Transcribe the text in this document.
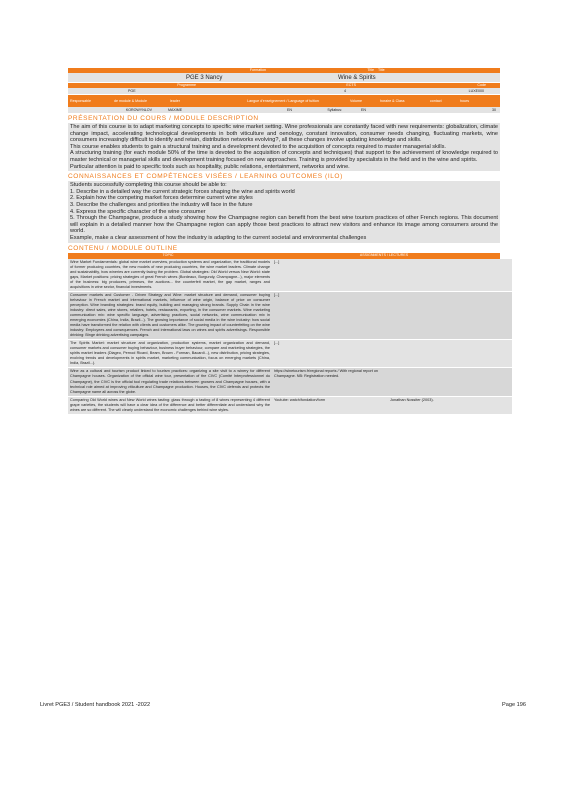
Formation	Title	Title
PGE 3 Nancy	Wine & Spirits
Programme	ECTS	Code
PGE	4	LUXE000
Responsable	de module & Module	leader	Langue d'enseignement / Language of tuition	Volume	horaire & Class	contact	hours
KOROWYNLOV	MAXIME	EN	Syllabus:	EN	30
PRÉSENTATION DU COURS / MODULE DESCRIPTION

The aim of this course is to adapt marketing concepts to specific wine market setting. Wine professionals are constantly faced with new requirements: globalization, climate change impact, accelerating technological developments in both viticulture and oenology, constant innovation, consumer needs changing, fluctuating markets, wine consumers increasingly difficult to identify and retain, distribution networks evolving?, all these changes involve updating knowledge and skills.

This course enables students to gain a structural training and a development devoted to the acquisition of concepts required to master managerial skills.

A structuring training (for each module 50% of the time is devoted to the acquisition of concepts and techniques) that support to the achievement of knowledge required to master technical or managerial skills and development training focused on new approaches. Training is provided by specialists in the field and in the wine and spirits.

Particular attention is paid to specific tools such as hospitality, public relations, entertainment, networks and wine.

CONNAISSANCES ET COMPÉTENCES VISÉES / LEARNING OUTCOMES (ILO)

Students successfully completing this course should be able to:

1. Describe in a detailed way the current strategic forces shaping the wine and spirits world

2. Explain how the competing market forces determine current wine styles

3. Describe the challenges and priorities the industry will face in the future

4. Express the specific character of the wine consumer

5. Through the Champagne, produce a study showing how the Champagne region can benefit from the best wine tourism practices of other French regions. This document will explain in a detailed manner how the Champagne region can apply those best practices to attract new visitors and enhance its image among consumers around the world.

Example, make a clear assessment of how the industry is adapting to the current societal and environmental challenges

CONTENU / MODULE OUTLINE
TOPIC	ASSIGNMENTS / LECTURES
Wine Market Fundamentals: global wine market overview, production systems and organization, the traditional models of former producing countries, the new models of new producing countries, the wine market leaders. Climate change and sustainability, how wineries are currently facing the problem. Global strategies: Old World versus New World: state gaps, Market positions: pricing strategies of great French wines (Bordeaux, Burgundy, Champagne...), major elements of the business: big producers, primeurs, the auctions... the counterfeit market, the gap market, ranges and acquisitions in wine sector, financial investments.	[...]	
Consumer markets and Customer - Driven Strategy and Wine: market structure and demand, consumer buying behaviour in French market and international markets, influence of wine origin, balance of price on consumer perception. Wine branding strategies: brand equity, building and managing strong brands. Supply Chain in the wine industry: direct sales, wine stores, retailers, hotels, restaurants, exporting, in the consumer markets. Wine marketing communication mix: wine specific language, advertising practices, social networks, wine communication mix in emerging economies (China, India, Brazil...). The growing importance of social media in the wine industry: how social media have transformed the relation with clients and customers alike. The growing impact of counterfeiting on the wine industry: Employees and consequences. French and international laws on wines and spirits advertisings. Responsible drinking: Binge drinking advertising campaigns.	[...]	
The Spirits Market: market structure and organization, production systems, market organization and demand, consumer markets and consumer buying behaviour, business buyer behaviour, compare and marketing strategies, the spirits market leaders (Diageo, Pernod Ricard, Beam, Brown - Forman, Bacardi...), new distribution, pricing strategies, evolving trends and developments in spirits market, marketing communication, focus on emerging markets (China, India, Brazil...).	[...]	
Wine as a cultural and tourism product linked to tourism practices: organizing a site visit to a winery for different Champagne houses. Organization of the official wine tour, presentation of the CIVC (Comité Interprofessionnel du Champagne), the CIVC is the official tool regulating trade relations between growers and Champagne houses, with a technical role aimed at improving viticulture and Champagne production. Houses, the CIVC defends and protects the Champagne name all across the globe.	https://winetourism.fr/regional reports / With regional report on Champagne. NB: Registration needed.	
Comparing Old World wines and New World wines tasting: glass through a tasting of 8 wines representing 4 different grape varieties, the students will have a clear idea of the difference and better differentiate and understand why the wines are so different. The will clearly understand the economic challenges behind wine styles.	Youtube: watch/fondation/form	Jonathan Nossiter (2003).
Livret PGE3 / Student handbook 2021 -2022	Page 196
